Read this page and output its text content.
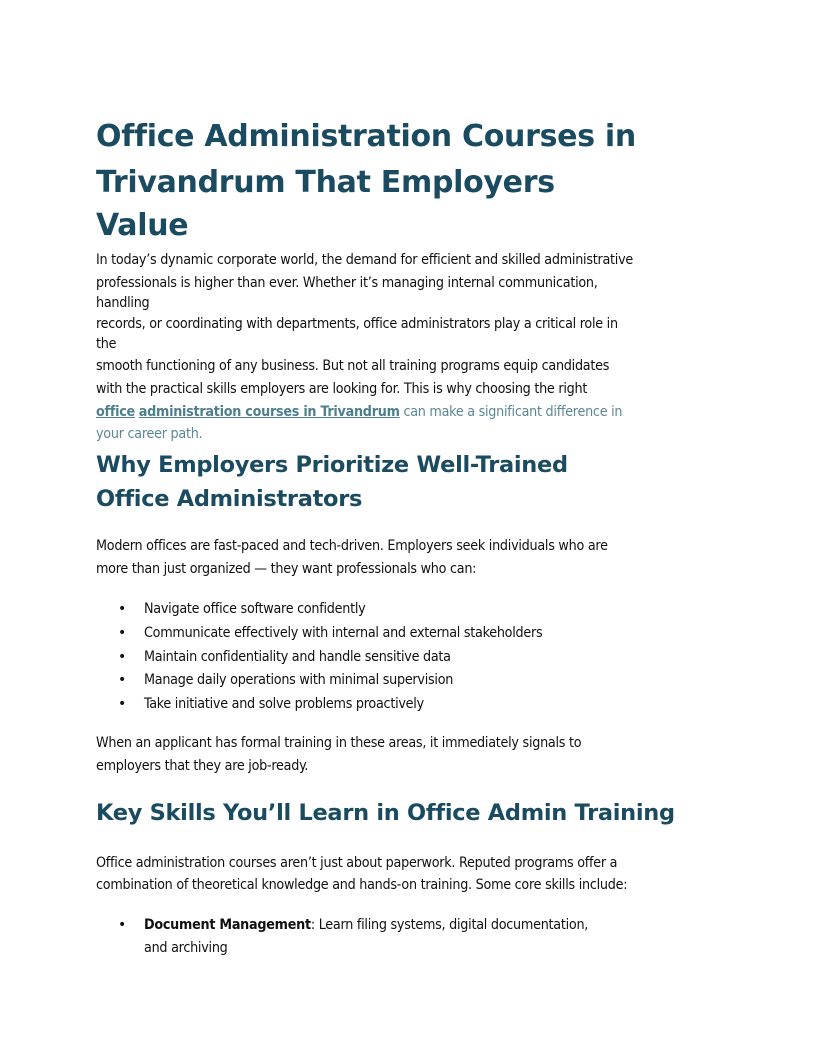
Office Administration Courses in
Trivandrum That Employers
Value
In today’s dynamic corporate world, the demand for efficient and skilled administrative
professionals is higher than ever. Whether it’s managing internal communication,
handling
records, or coordinating with departments, office administrators play a critical role in
the
smooth functioning of any business. But not all training programs equip candidates
with the practical skills employers are looking for. This is why choosing the right
office administration courses in Trivandrum can make a significant difference in
your career path.
Why Employers Prioritize Well-Trained
Office Administrators
Modern offices are fast-paced and tech-driven. Employers seek individuals who are
more than just organized — they want professionals who can:
• Navigate office software confidently
• Communicate effectively with internal and external stakeholders
• Maintain confidentiality and handle sensitive data
• Manage daily operations with minimal supervision
• Take initiative and solve problems proactively
When an applicant has formal training in these areas, it immediately signals to
employers that they are job-ready.
Key Skills You’ll Learn in Office Admin Training
Office administration courses aren’t just about paperwork. Reputed programs offer a
combination of theoretical knowledge and hands-on training. Some core skills include:
• Document Management: Learn filing systems, digital documentation,
and archiving
